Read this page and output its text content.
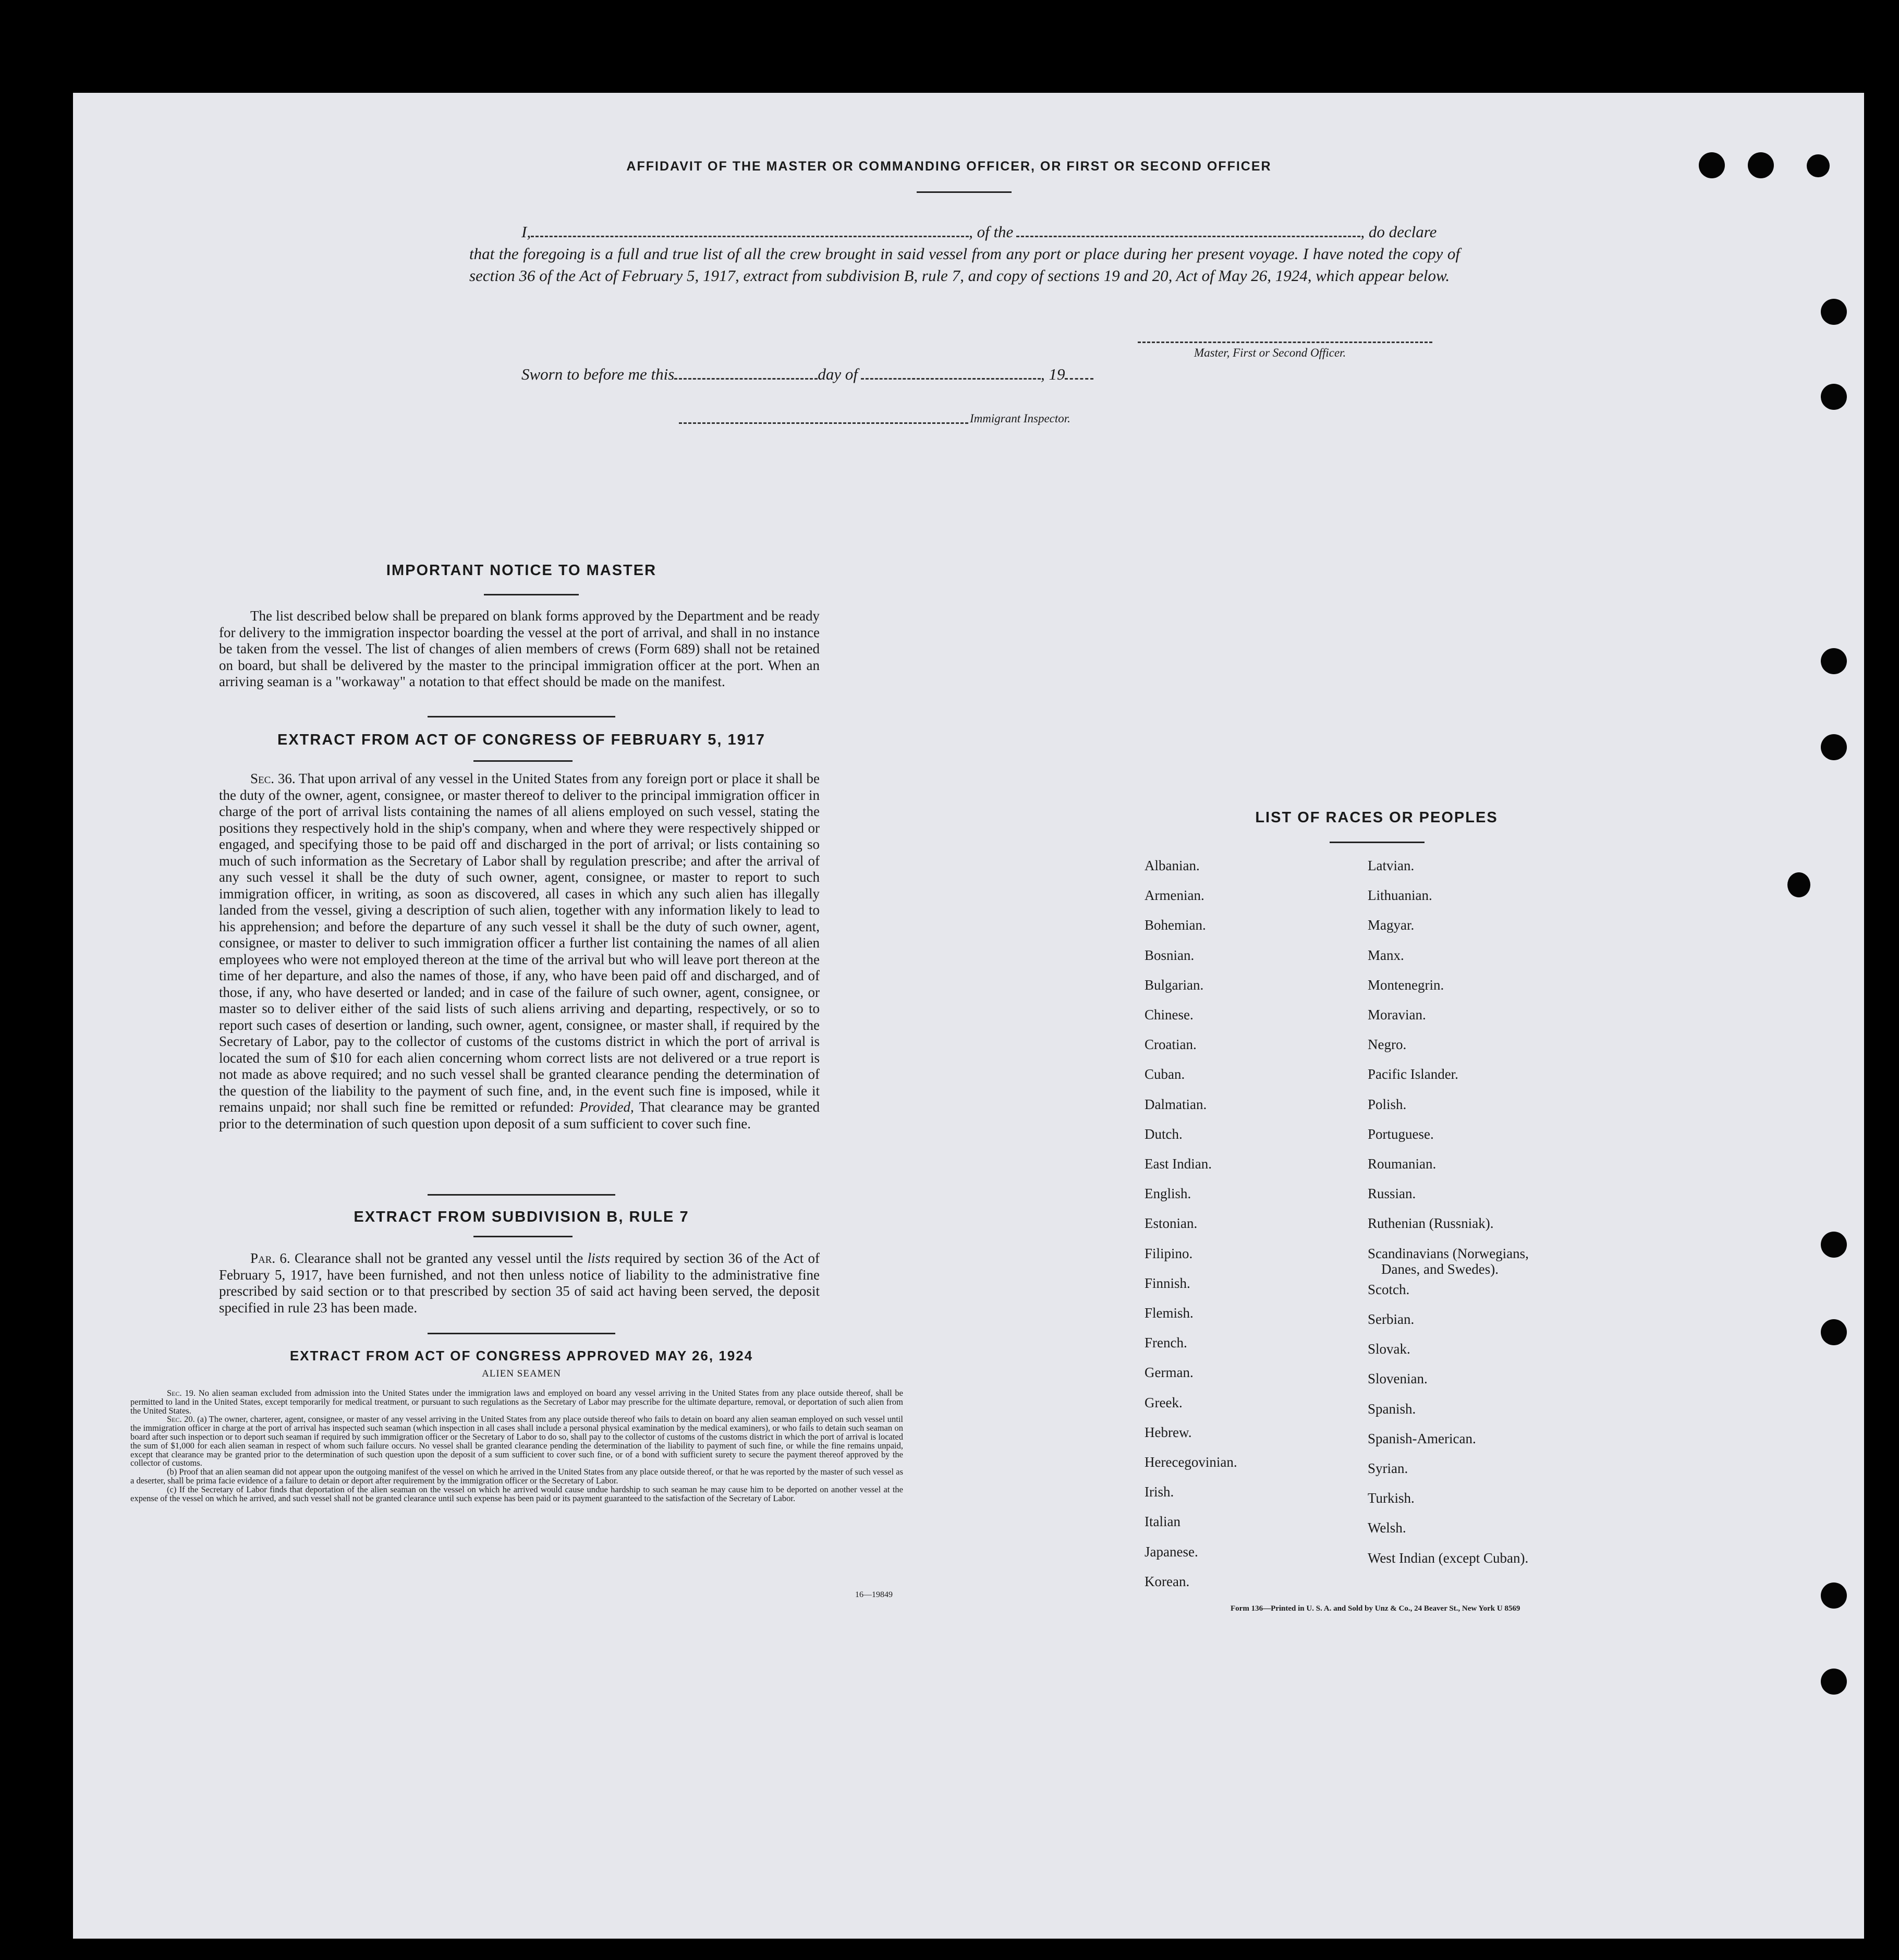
AFFIDAVIT OF THE MASTER OR COMMANDING OFFICER, OR FIRST OR SECOND OFFICER
I,	, of the	, do declare
that the foregoing is a full and true list of all the crew brought in said vessel from any port or place during her present voyage. I have noted the copy of section 36 of the Act of February 5, 1917, extract from subdivision B, rule 7, and copy of sections 19 and 20, Act of May 26, 1924, which appear below.
Master, First or Second Officer.
Sworn to before me this	day of	, 19
Immigrant Inspector.
IMPORTANT NOTICE TO MASTER
The list described below shall be prepared on blank forms approved by the Department and be ready for delivery to the immigration inspector boarding the vessel at the port of arrival, and shall in no instance be taken from the vessel. The list of changes of alien members of crews (Form 689) shall not be retained on board, but shall be delivered by the master to the principal immigration officer at the port. When an arriving seaman is a "workaway" a notation to that effect should be made on the manifest.
EXTRACT FROM ACT OF CONGRESS OF FEBRUARY 5, 1917
Sec. 36. That upon arrival of any vessel in the United States from any foreign port or place it shall be the duty of the owner, agent, consignee, or master thereof to deliver to the principal immigration officer in charge of the port of arrival lists containing the names of all aliens employed on such vessel, stating the positions they respectively hold in the ship's company, when and where they were respectively shipped or engaged, and specifying those to be paid off and discharged in the port of arrival; or lists containing so much of such information as the Secretary of Labor shall by regulation prescribe; and after the arrival of any such vessel it shall be the duty of such owner, agent, consignee, or master to report to such immigration officer, in writing, as soon as discovered, all cases in which any such alien has illegally landed from the vessel, giving a description of such alien, together with any information likely to lead to his apprehension; and before the departure of any such vessel it shall be the duty of such owner, agent, consignee, or master to deliver to such immigration officer a further list containing the names of all alien employees who were not employed thereon at the time of the arrival but who will leave port thereon at the time of her departure, and also the names of those, if any, who have been paid off and discharged, and of those, if any, who have deserted or landed; and in case of the failure of such owner, agent, consignee, or master so to deliver either of the said lists of such aliens arriving and departing, respectively, or so to report such cases of desertion or landing, such owner, agent, consignee, or master shall, if required by the Secretary of Labor, pay to the collector of customs of the customs district in which the port of arrival is located the sum of $10 for each alien concerning whom correct lists are not delivered or a true report is not made as above required; and no such vessel shall be granted clearance pending the determination of the question of the liability to the payment of such fine, and, in the event such fine is imposed, while it remains unpaid; nor shall such fine be remitted or refunded: Provided, That clearance may be granted prior to the determination of such question upon deposit of a sum sufficient to cover such fine.
EXTRACT FROM SUBDIVISION B, RULE 7
Par. 6. Clearance shall not be granted any vessel until the lists required by section 36 of the Act of February 5, 1917, have been furnished, and not then unless notice of liability to the administrative fine prescribed by said section or to that prescribed by section 35 of said act having been served, the deposit specified in rule 23 has been made.
EXTRACT FROM ACT OF CONGRESS APPROVED MAY 26, 1924
ALIEN SEAMEN
Sec. 19. No alien seaman excluded from admission into the United States under the immigration laws and employed on board any vessel arriving in the United States from any place outside thereof, shall be permitted to land in the United States, except temporarily for medical treatment, or pursuant to such regulations as the Secretary of Labor may prescribe for the ultimate departure, removal, or deportation of such alien from the United States.
Sec. 20. (a) The owner, charterer, agent, consignee, or master of any vessel arriving in the United States from any place outside thereof who fails to detain on board any alien seaman employed on such vessel until the immigration officer in charge at the port of arrival has inspected such seaman (which inspection in all cases shall include a personal physical examination by the medical examiners), or who fails to detain such seaman on board after such inspection or to deport such seaman if required by such immigration officer or the Secretary of Labor to do so, shall pay to the collector of customs of the customs district in which the port of arrival is located the sum of $1,000 for each alien seaman in respect of whom such failure occurs. No vessel shall be granted clearance pending the determination of the liability to payment of such fine, or while the fine remains unpaid, except that clearance may be granted prior to the determination of such question upon the deposit of a sum sufficient to cover such fine, or of a bond with sufficient surety to secure the payment thereof approved by the collector of customs.
(b) Proof that an alien seaman did not appear upon the outgoing manifest of the vessel on which he arrived in the United States from any place outside thereof, or that he was reported by the master of such vessel as a deserter, shall be prima facie evidence of a failure to detain or deport after requirement by the immigration officer or the Secretary of Labor.
(c) If the Secretary of Labor finds that deportation of the alien seaman on the vessel on which he arrived would cause undue hardship to such seaman he may cause him to be deported on another vessel at the expense of the vessel on which he arrived, and such vessel shall not be granted clearance until such expense has been paid or its payment guaranteed to the satisfaction of the Secretary of Labor.
16—19849
LIST OF RACES OR PEOPLES
Albanian.
Armenian.
Bohemian.
Bosnian.
Bulgarian.
Chinese.
Croatian.
Cuban.
Dalmatian.
Dutch.
East Indian.
English.
Estonian.
Filipino.
Finnish.
Flemish.
French.
German.
Greek.
Hebrew.
Herecegovinian.
Irish.
Italian
Japanese.
Korean.
Latvian.
Lithuanian.
Magyar.
Manx.
Montenegrin.
Moravian.
Negro.
Pacific Islander.
Polish.
Portuguese.
Roumanian.
Russian.
Ruthenian (Russniak).
Scandinavians (Norwegians,
Danes, and Swedes).
Scotch.
Serbian.
Slovak.
Slovenian.
Spanish.
Spanish-American.
Syrian.
Turkish.
Welsh.
West Indian (except Cuban).
Form 136—Printed in U. S. A. and Sold by Unz & Co., 24 Beaver St., New York U 8569
